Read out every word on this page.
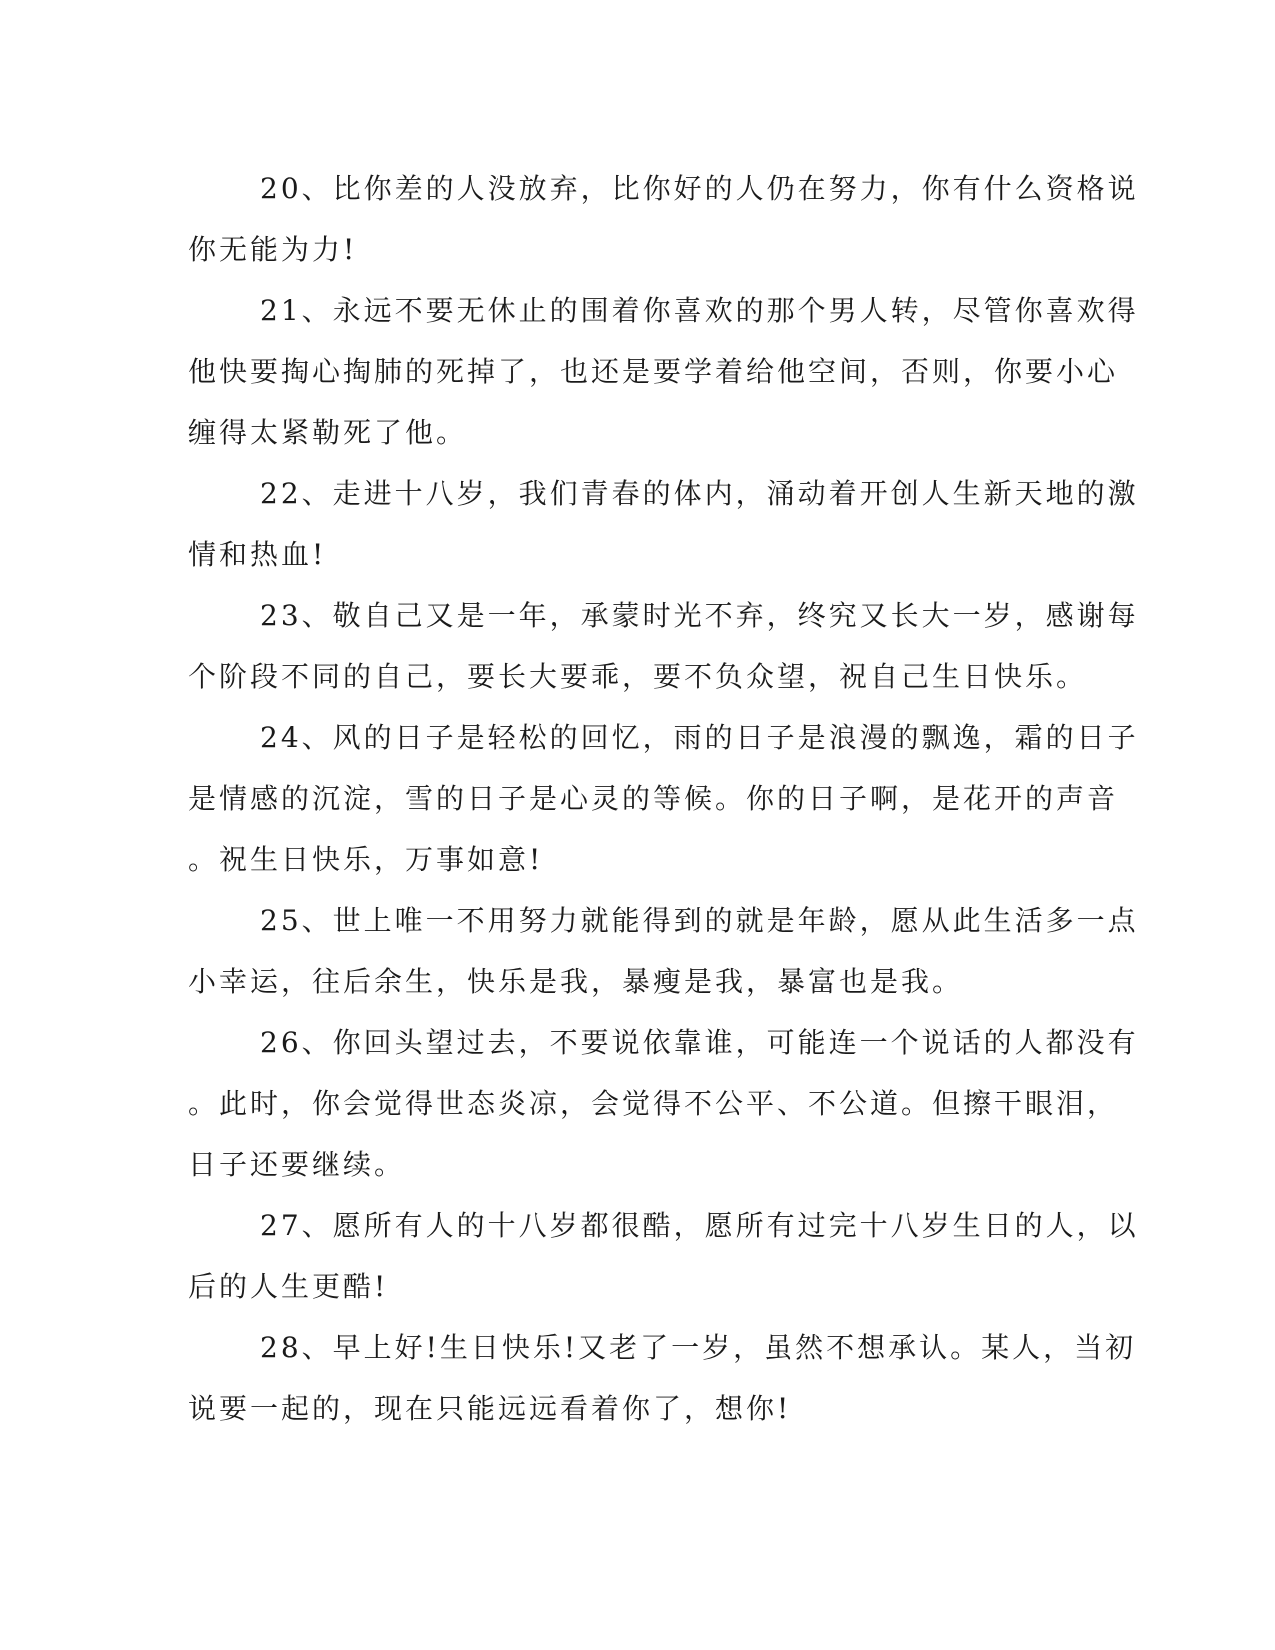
20、比你差的人没放弃，比你好的人仍在努力，你有什么资格说
你无能为力!
21、永远不要无休止的围着你喜欢的那个男人转，尽管你喜欢得
他快要掏心掏肺的死掉了，也还是要学着给他空间，否则，你要小心
缠得太紧勒死了他。
22、走进十八岁，我们青春的体内，涌动着开创人生新天地的激
情和热血!
23、敬自己又是一年，承蒙时光不弃，终究又长大一岁，感谢每
个阶段不同的自己，要长大要乖，要不负众望，祝自己生日快乐。
24、风的日子是轻松的回忆，雨的日子是浪漫的飘逸，霜的日子
是情感的沉淀，雪的日子是心灵的等候。你的日子啊，是花开的声音
。祝生日快乐，万事如意!
25、世上唯一不用努力就能得到的就是年龄，愿从此生活多一点
小幸运，往后余生，快乐是我，暴瘦是我，暴富也是我。
26、你回头望过去，不要说依靠谁，可能连一个说话的人都没有
。此时，你会觉得世态炎凉，会觉得不公平、不公道。但擦干眼泪，
日子还要继续。
27、愿所有人的十八岁都很酷，愿所有过完十八岁生日的人，以
后的人生更酷!
28、早上好!生日快乐!又老了一岁，虽然不想承认。某人，当初
说要一起的，现在只能远远看着你了，想你!
